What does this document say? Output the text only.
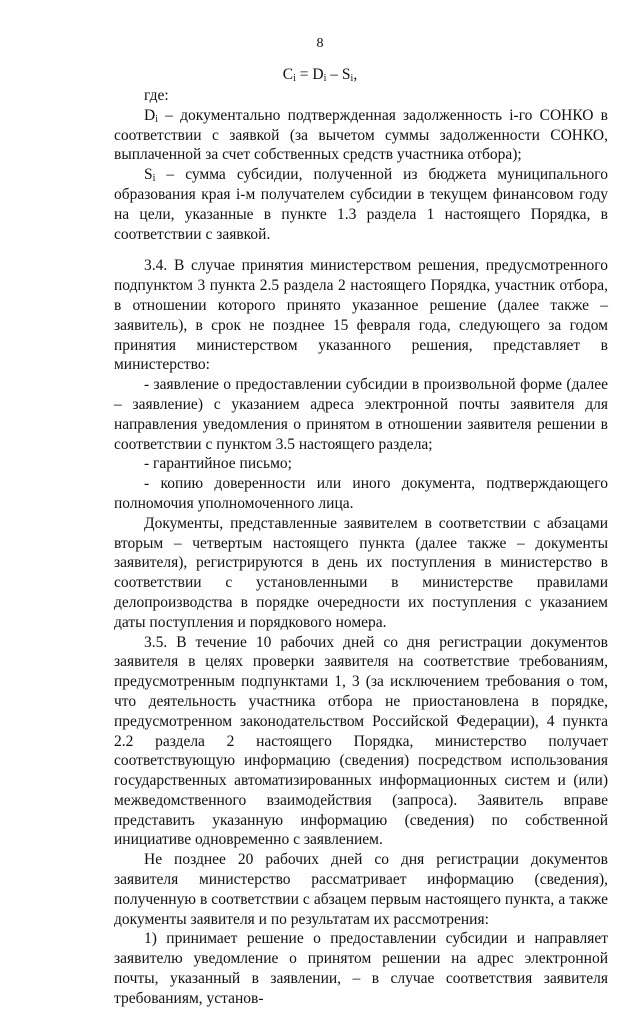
8
$C_i = D_i - S_i$,

где:

$D_i$ – документально подтвержденная задолженность i-го СОНКО в соответствии с заявкой (за вычетом суммы задолженности СОНКО, выплаченной за счет собственных средств участника отбора);

$S_i$ – сумма субсидии, полученной из бюджета муниципального образования края i-м получателем субсидии в текущем финансовом году на цели, указанные в пункте 1.3 раздела 1 настоящего Порядка, в соответствии с заявкой.

3.4. В случае принятия министерством решения, предусмотренного подпунктом 3 пункта 2.5 раздела 2 настоящего Порядка, участник отбора, в отношении которого принято указанное решение (далее также – заявитель), в срок не позднее 15 февраля года, следующего за годом принятия министерством указанного решения, представляет в министерство:

- заявление о предоставлении субсидии в произвольной форме (далее – заявление) с указанием адреса электронной почты заявителя для направления уведомления о принятом в отношении заявителя решении в соответствии с пунктом 3.5 настоящего раздела;

- гарантийное письмо;

- копию доверенности или иного документа, подтверждающего полномочия уполномоченного лица.

Документы, представленные заявителем в соответствии с абзацами вторым – четвертым настоящего пункта (далее также – документы заявителя), регистрируются в день их поступления в министерство в соответствии с установленными в министерстве правилами делопроизводства в порядке очередности их поступления с указанием даты поступления и порядкового номера.

3.5. В течение 10 рабочих дней со дня регистрации документов заявителя в целях проверки заявителя на соответствие требованиям, предусмотренным подпунктами 1, 3 (за исключением требования о том, что деятельность участника отбора не приостановлена в порядке, предусмотренном законодательством Российской Федерации), 4 пункта 2.2 раздела 2 настоящего Порядка, министерство получает соответствующую информацию (сведения) посредством использования государственных автоматизированных информационных систем и (или) межведомственного взаимодействия (запроса). Заявитель вправе представить указанную информацию (сведения) по собственной инициативе одновременно с заявлением.

Не позднее 20 рабочих дней со дня регистрации документов заявителя министерство рассматривает информацию (сведения), полученную в соответствии с абзацем первым настоящего пункта, а также документы заявителя и по результатам их рассмотрения:

1) принимает решение о предоставлении субсидии и направляет заявителю уведомление о принятом решении на адрес электронной почты, указанный в заявлении, – в случае соответствия заявителя требованиям, установ-
